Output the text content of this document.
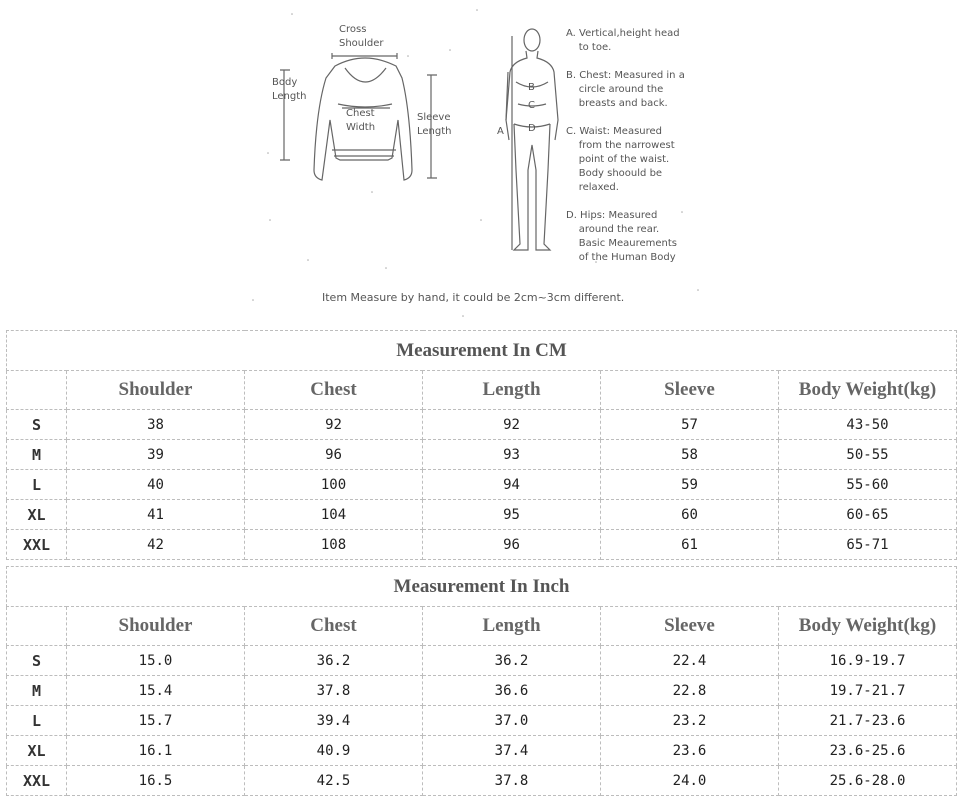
A
B
C
D
Cross
Shoulder
Body
Length
Chest
Width
Sleeve
Length
A. Vertical,height head
to toe.
B. Chest: Measured in a
circle around the
breasts and back.
C. Waist: Measured
from the narrowest
point of the waist.
Body shoould be
relaxed.
D. Hips: Measured
around the rear.
Basic Meaurements
of the Human Body
Item Measure by hand, it could be 2cm~3cm different.
Measurement In CM					
	Shoulder	Chest	Length	Sleeve	Body Weight(kg)
S	38	92	92	57	43-50
M	39	96	93	58	50-55
L	40	100	94	59	55-60
XL	41	104	95	60	60-65
XXL	42	108	96	61	65-71
Measurement In Inch					
	Shoulder	Chest	Length	Sleeve	Body Weight(kg)
S	15.0	36.2	36.2	22.4	16.9-19.7
M	15.4	37.8	36.6	22.8	19.7-21.7
L	15.7	39.4	37.0	23.2	21.7-23.6
XL	16.1	40.9	37.4	23.6	23.6-25.6
XXL	16.5	42.5	37.8	24.0	25.6-28.0
